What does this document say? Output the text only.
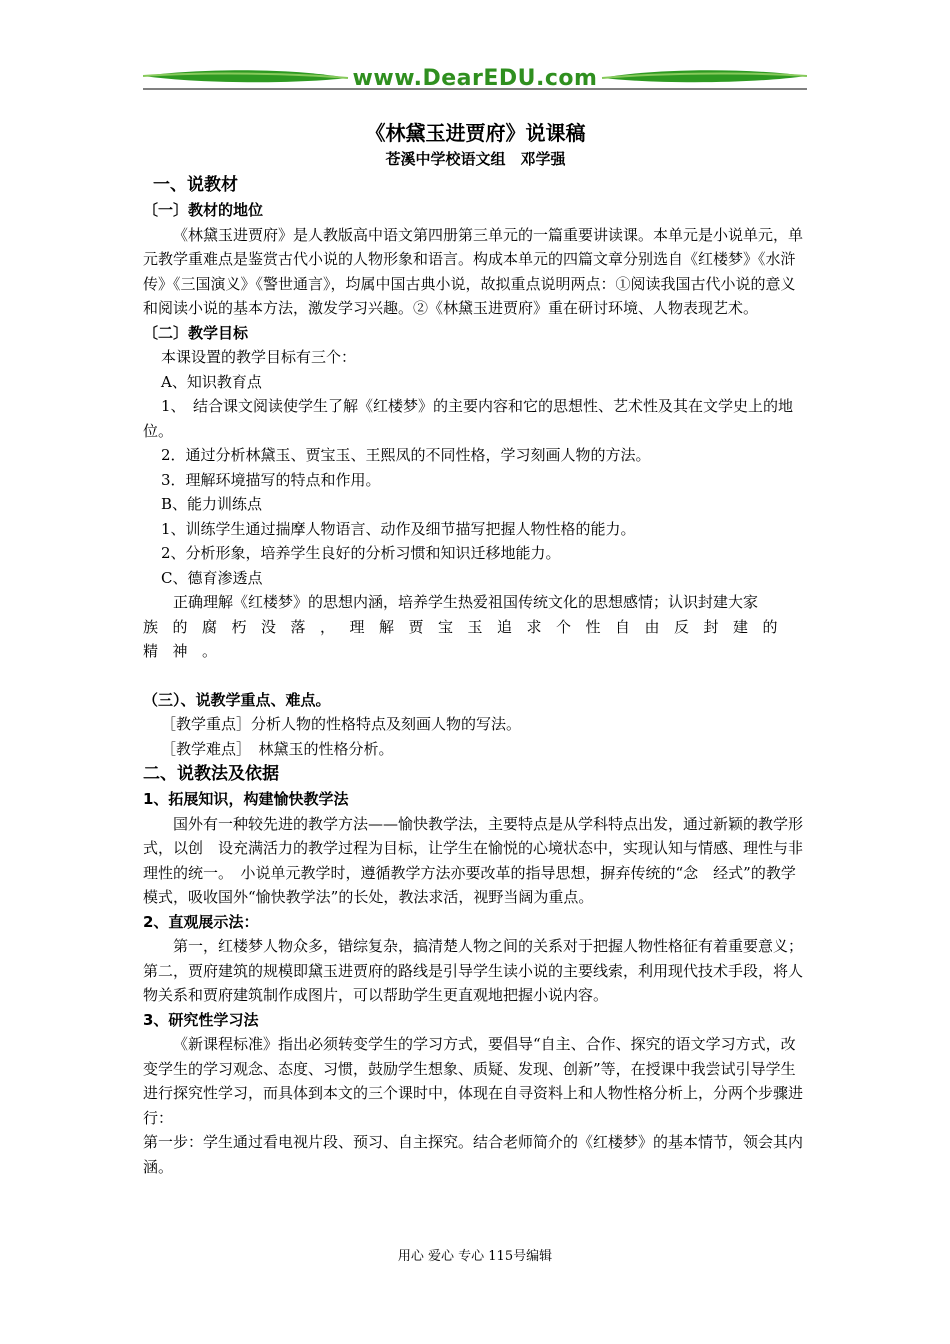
www.DearEDU.com
《林黛玉进贾府》说课稿
苍溪中学校语文组　邓学强
一、说教材
〔一〕教材的地位

《林黛玉进贾府》是人教版高中语文第四册第三单元的一篇重要讲读课。本单元是小说单元，单元教学重难点是鉴赏古代小说的人物形象和语言。构成本单元的四篇文章分别选自《红楼梦》《水浒传》《三国演义》《警世通言》，均属中国古典小说，故拟重点说明两点：①阅读我国古代小说的意义和阅读小说的基本方法，激发学习兴趣。②《林黛玉进贾府》重在研讨环境、人物表现艺术。

〔二〕教学目标

本课设置的教学目标有三个：

A、知识教育点

1、　结合课文阅读使学生了解《红楼梦》的主要内容和它的思想性、艺术性及其在文学史上的地位。

2．通过分析林黛玉、贾宝玉、王熙凤的不同性格，学习刻画人物的方法。

3．理解环境描写的特点和作用。

B、能力训练点

1、训练学生通过揣摩人物语言、动作及细节描写把握人物性格的能力。

2、分析形象，培养学生良好的分析习惯和知识迁移地能力。

C、德育渗透点

正确理解《红楼梦》的思想内涵，培养学生热爱祖国传统文化的思想感情；认识封建大家

族的腐朽没落，理解贾宝玉追求个性自由反封建的精神。

（三）、说教学重点、难点。

［教学重点］分析人物的性格特点及刻画人物的写法。

［教学难点］　林黛玉的性格分析。

二、说教法及依据
1、拓展知识，构建愉快教学法

国外有一种较先进的教学方法——愉快教学法，主要特点是从学科特点出发，通过新颖的教学形式，以创　设充满活力的教学过程为目标，让学生在愉悦的心境状态中，实现认知与情感、理性与非理性的统一。　小说单元教学时，遵循教学方法亦要改革的指导思想，摒弃传统的“念　经式”的教学模式，吸收国外“愉快教学法”的长处，教法求活，视野当阔为重点。

2、直观展示法：

第一，红楼梦人物众多，错综复杂，搞清楚人物之间的关系对于把握人物性格征有着重要意义；第二，贾府建筑的规模即黛玉进贾府的路线是引导学生读小说的主要线索，利用现代技术手段，将人物关系和贾府建筑制作成图片，可以帮助学生更直观地把握小说内容。

3、研究性学习法

《新课程标准》指出必须转变学生的学习方式，要倡导“自主、合作、探究的语文学习方式，改变学生的学习观念、态度、习惯，鼓励学生想象、质疑、发现、创新”等，在授课中我尝试引导学生进行探究性学习，而具体到本文的三个课时中，体现在自寻资料上和人物性格分析上，分两个步骤进行：

第一步：学生通过看电视片段、预习、自主探究。结合老师简介的《红楼梦》的基本情节，领会其内涵。

用心 爱心 专心 115号编辑
